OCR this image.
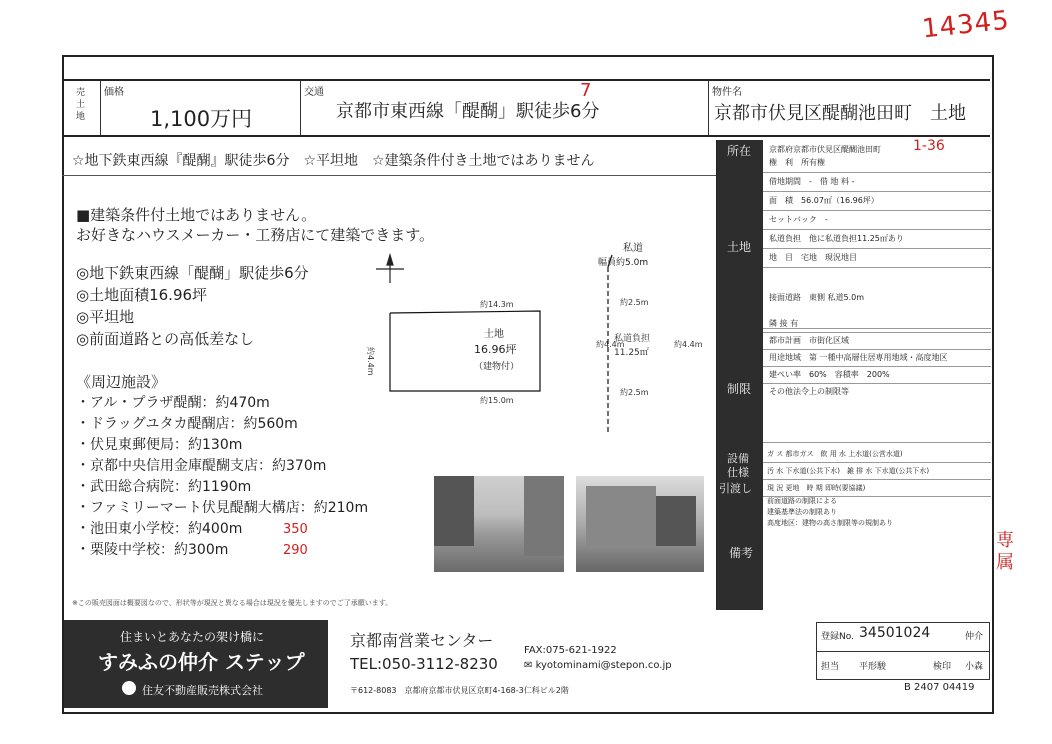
14345
売土地
価格
1,100万円
交通
京都市東西線「醍醐」駅徒歩6分
物件名
京都市伏見区醍醐池田町　土地
7
☆地下鉄東西線『醍醐』駅徒歩6分　☆平坦地　☆建築条件付き土地ではありません
■建築条件付土地ではありません。
お好きなハウスメーカー・工務店にて建築できます。
◎地下鉄東西線「醍醐」駅徒歩6分
◎土地面積16.96坪
◎平坦地
◎前面道路との高低差なし
《周辺施設》
・アル・プラザ醍醐：約470m
・ドラッグユタカ醍醐店：約560m
・伏見東郵便局：約130m
・京都中央信用金庫醍醐支店：約370m
・武田総合病院：約1190m
・ファミリーマート伏見醍醐大構店：約210m
・池田東小学校：約400m
・栗陵中学校：約300m
350
290
私道
幅員約5.0m
約14.3m
約15.0m
約4.4m
土地
16.96坪
（建物付）
私道負担
11.25㎡
約4.4m	約4.4m
約2.5m
約2.5m
※この販売図面は概要図なので、形状等が現況と異なる場合は現況を優先しますのでご了承願います。
所在 京都府京都市伏見区醍醐池田町 1-36
土地
権　利　 所有権
借地期間　 -　 借 地 料 -
面　積　 56.07㎡（16.96坪）
セットバック　 -
私道負担　 他に私道負担11.25㎡あり
地　目　 宅地　 現況地目
接面道路　 東側 私道5.0m
制限
隣 接 有
都市計画　 市街化区域
用途地域　 第 一種中高層住居専用地域・高度地区
建ぺい率　 60%　容積率　200%
その他法令上の制限等
設備
仕様
引渡し
ガ ス 都市ガス　 飲 用 水 上水道(公営水道)
汚 水 下水道(公共下水)　 雑 排 水 下水道(公共下水)
現 況 更地　 時 期 即時(要協議)
備考
前面道路の制限による
建築基準法の制限あり
高度地区：建物の高さ制限等の規制あり
専属
住まいとあなたの架け橋に
すみふの仲介 ステップ
住友不動産販売株式会社
京都南営業センター
FAX:075-621-1922
TEL:050-3112-8230	✉ kyotominami@stepon.co.jp
〒612-8083　京都府京都市伏見区京町4-168-3仁科ビル2階
登録No. 34501024	仲介
担当 平形駿	検印 小森
B 2407 04419
